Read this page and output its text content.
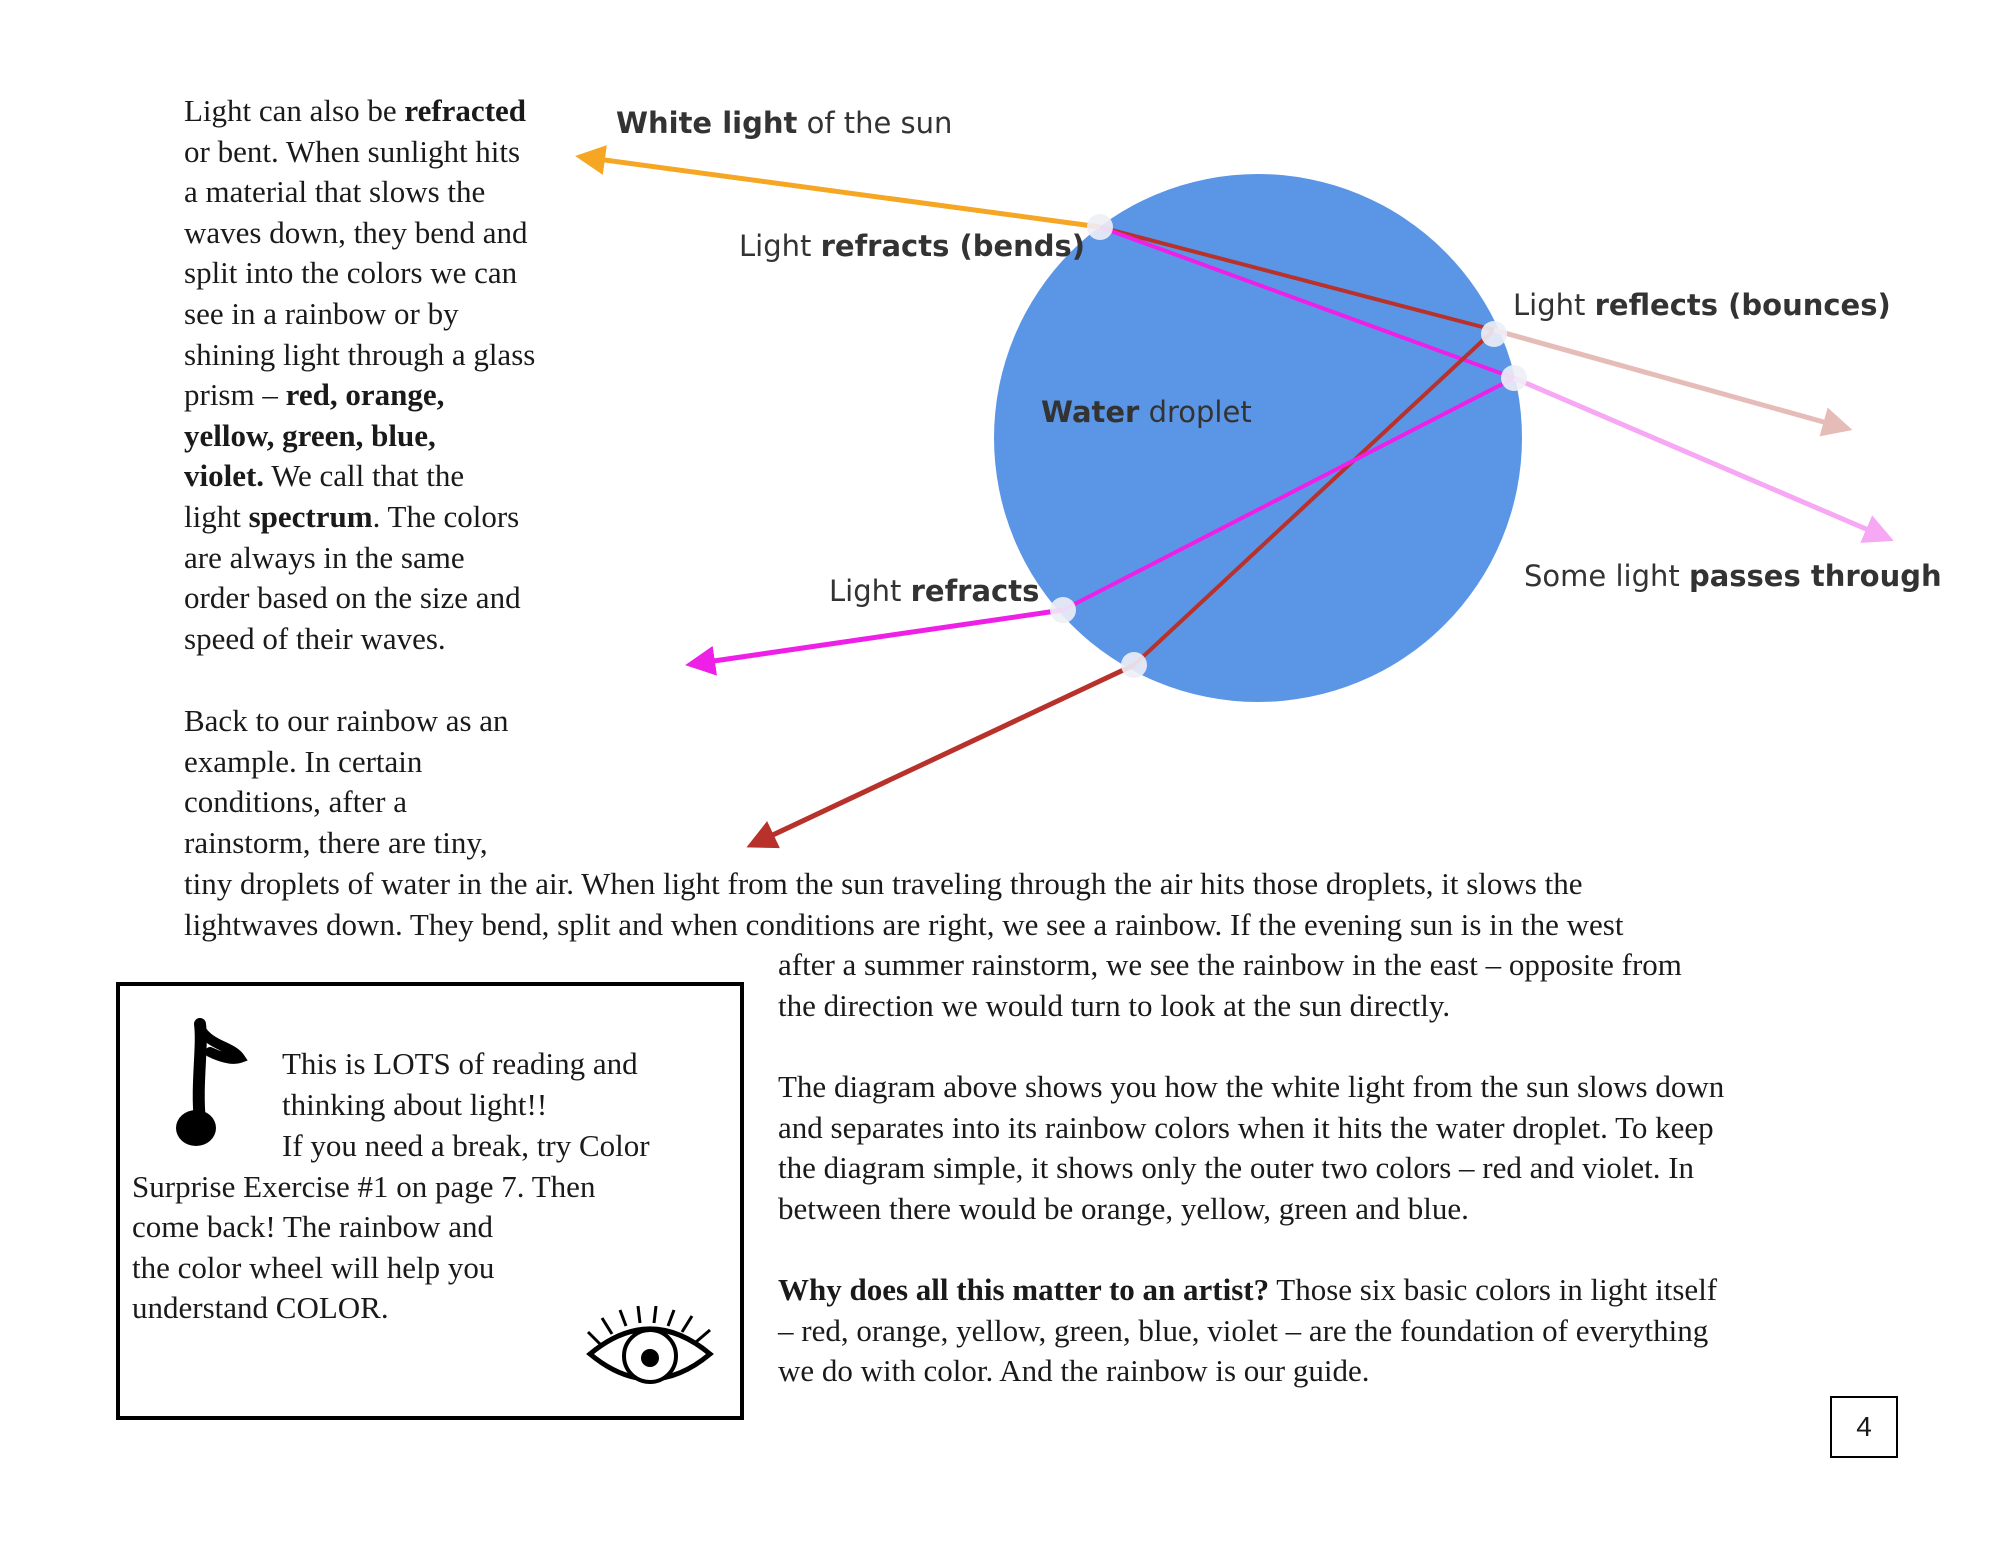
Light can also be refracted
or bent. When sunlight hits
a material that slows the
waves down, they bend and
split into the colors we can
see in a rainbow or by
shining light through a glass
prism – red, orange,
yellow, green, blue,
violet. We call that the
light spectrum. The colors
are always in the same
order based on the size and
speed of their waves.
Back to our rainbow as an
example. In certain
conditions, after a
rainstorm, there are tiny,
tiny droplets of water in the air. When light from the sun traveling through the air hits those droplets, it slows the
lightwaves down. They bend, split and when conditions are right, we see a rainbow. If the evening sun is in the west
after a summer rainstorm, we see the rainbow in the east – opposite from
the direction we would turn to look at the sun directly.
The diagram above shows you how the white light from the sun slows down
and separates into its rainbow colors when it hits the water droplet. To keep
the diagram simple, it shows only the outer two colors – red and violet. In
between there would be orange, yellow, green and blue.
Why does all this matter to an artist? Those six basic colors in light itself
– red, orange, yellow, green, blue, violet – are the foundation of everything
we do with color. And the rainbow is our guide.
This is LOTS of reading and
thinking about light!!
If you need a break, try Color
Surprise Exercise #1 on page 7. Then
come back! The rainbow and
the color wheel will help you
understand COLOR.
White light of the sun
Light refracts (bends)
Light reflects (bounces)
Water droplet
Light refracts	Some light passes through
4
